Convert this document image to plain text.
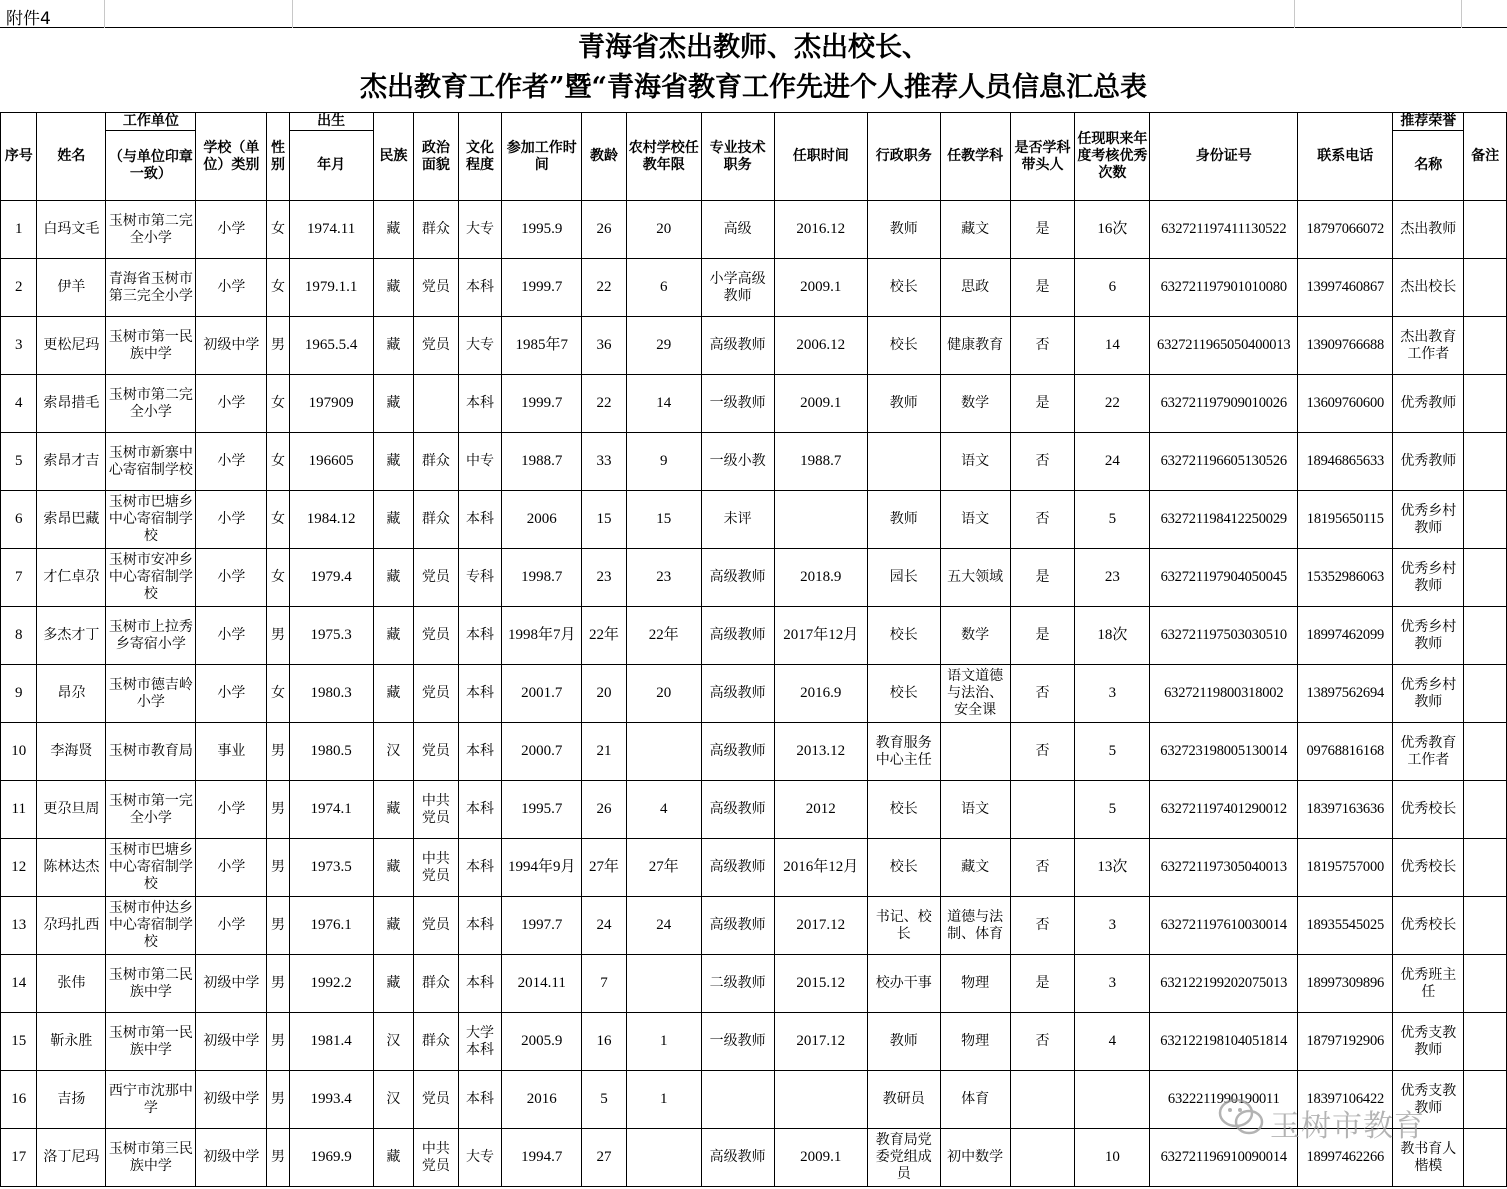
附件4
青海省杰出教师、杰出校长、
杰出教育工作者”暨“青海省教育工作先进个人推荐人员信息汇总表
序号	姓名	工作单位	学校（单位）类别	性别	出生	民族	政治面貌	文化程度	参加工作时间	教龄	农村学校任教年限	专业技术职务	任职时间	行政职务	任教学科	是否学科带头人	任现职来年度考核优秀次数	身份证号	联系电话	推荐荣誉	备注
		（与单位印章一致）			年月															名称	
1	白玛文毛	玉树市第二完全小学	小学	女	1974.11	藏	群众	大专	1995.9	26	20	高级	2016.12	教师	藏文	是	16次	632721197411130522	18797066072	杰出教师	
2	伊羊	青海省玉树市第三完全小学	小学	女	1979.1.1	藏	党员	本科	1999.7	22	6	小学高级教师	2009.1	校长	思政	是	6	632721197901010080	13997460867	杰出校长	
3	更松尼玛	玉树市第一民族中学	初级中学	男	1965.5.4	藏	党员	大专	1985年7	36	29	高级教师	2006.12	校长	健康教育	否	14	6327211965050400013	13909766688	杰出教育工作者	
4	索昂措毛	玉树市第二完全小学	小学	女	197909	藏		本科	1999.7	22	14	一级教师	2009.1	教师	数学	是	22	632721197909010026	13609760600	优秀教师	
5	索昂才吉	玉树市新寨中心寄宿制学校	小学	女	196605	藏	群众	中专	1988.7	33	9	一级小教	1988.7		语文	否	24	632721196605130526	18946865633	优秀教师	
6	索昂巴藏	玉树市巴塘乡中心寄宿制学校	小学	女	1984.12	藏	群众	本科	2006	15	15	未评		教师	语文	否	5	632721198412250029	18195650115	优秀乡村教师	
7	才仁卓尕	玉树市安冲乡中心寄宿制学校	小学	女	1979.4	藏	党员	专科	1998.7	23	23	高级教师	2018.9	园长	五大领域	是	23	632721197904050045	15352986063	优秀乡村教师	
8	多杰才丁	玉树市上拉秀乡寄宿小学	小学	男	1975.3	藏	党员	本科	1998年7月	22年	22年	高级教师	2017年12月	校长	数学	是	18次	632721197503030510	18997462099	优秀乡村教师	
9	昂尕	玉树市德吉岭小学	小学	女	1980.3	藏	党员	本科	2001.7	20	20	高级教师	2016.9	校长	语文道德与法治、安全课	否	3	63272119800318002	13897562694	优秀乡村教师	
10	李海贤	玉树市教育局	事业	男	1980.5	汉	党员	本科	2000.7	21		高级教师	2013.12	教育服务中心主任		否	5	632723198005130014	09768816168	优秀教育工作者	
11	更尕旦周	玉树市第一完全小学	小学	男	1974.1	藏	中共党员	本科	1995.7	26	4	高级教师	2012	校长	语文		5	632721197401290012	18397163636	优秀校长	
12	陈林达杰	玉树市巴塘乡中心寄宿制学校	小学	男	1973.5	藏	中共党员	本科	1994年9月	27年	27年	高级教师	2016年12月	校长	藏文	否	13次	632721197305040013	18195757000	优秀校长	
13	尕玛扎西	玉树市仲达乡中心寄宿制学校	小学	男	1976.1	藏	党员	本科	1997.7	24	24	高级教师	2017.12	书记、校长	道德与法制、体育	否	3	632721197610030014	18935545025	优秀校长	
14	张伟	玉树市第二民族中学	初级中学	男	1992.2	藏	群众	本科	2014.11	7		二级教师	2015.12	校办干事	物理	是	3	632122199202075013	18997309896	优秀班主任	
15	靳永胜	玉树市第一民族中学	初级中学	男	1981.4	汉	群众	大学本科	2005.9	16	1	一级教师	2017.12	教师	物理	否	4	632122198104051814	18797192906	优秀支教教师	
16	吉扬	西宁市沈那中学	初级中学	男	1993.4	汉	党员	本科	2016	5	1			教研员	体育			6322211990190011	18397106422	优秀支教教师	
17	洛丁尼玛	玉树市第三民族中学	初级中学	男	1969.9	藏	中共党员	大专	1994.7	27		高级教师	2009.1	教育局党委党组成员	初中数学		10	632721196910090014	18997462266	教书育人楷模	
玉树市教育
